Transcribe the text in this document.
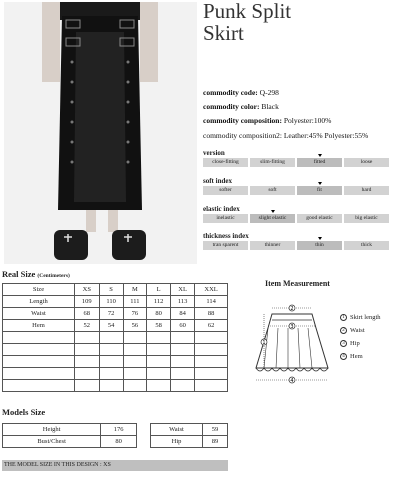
Punk Split
Skirt
commodity code: Q-298
commodity color: Black
commodity composition: Polyester:100%
commodity composition2: Leather:45% Polyester:55%
version
close-fitting	slim-fitting	fitted	loose
soft index
softer	soft	fit	hard
elastic index
inelastic	slight elastic	good elastic	big elastic
thickness index
tran sparent	thinner	thin	thick
Real Size (Centimeters)
Size	XS	S	M	L	XL	XXL
Length	109	110	111	112	113	114
Waist	68	72	76	80	84	88
Hem	52	54	56	58	60	62

Item Measurement
2
3
1
4
1 Skirt length
2 Waist
3 Hip
4 Hem
Models Size
Height	176		Waist	59
Bust/Chest	80		Hip	89
THE MODEL SIZE IN THIS DESIGN : XS
